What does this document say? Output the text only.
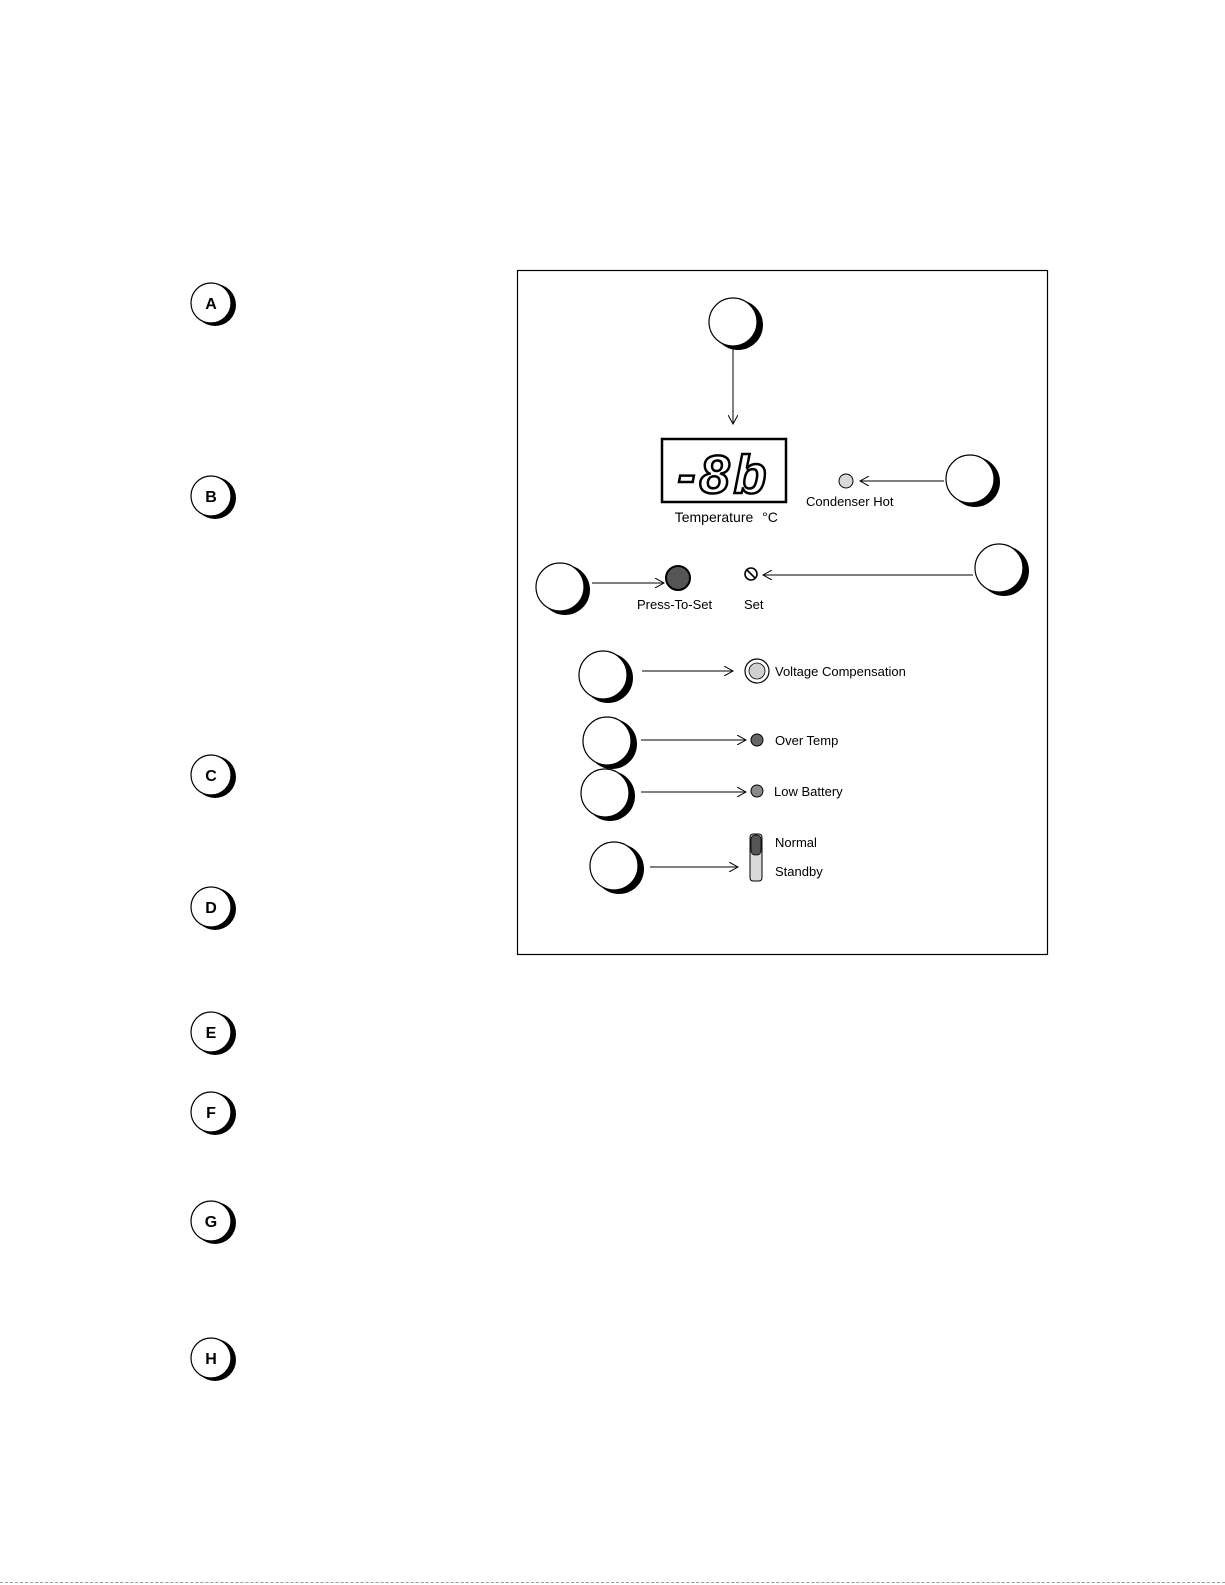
A
B
C
D
E
F
G
H
-8b
Temperature °C
Condenser Hot
Press-To-Set Set
Voltage Compensation
Over Temp
Low Battery
Normal
Standby
